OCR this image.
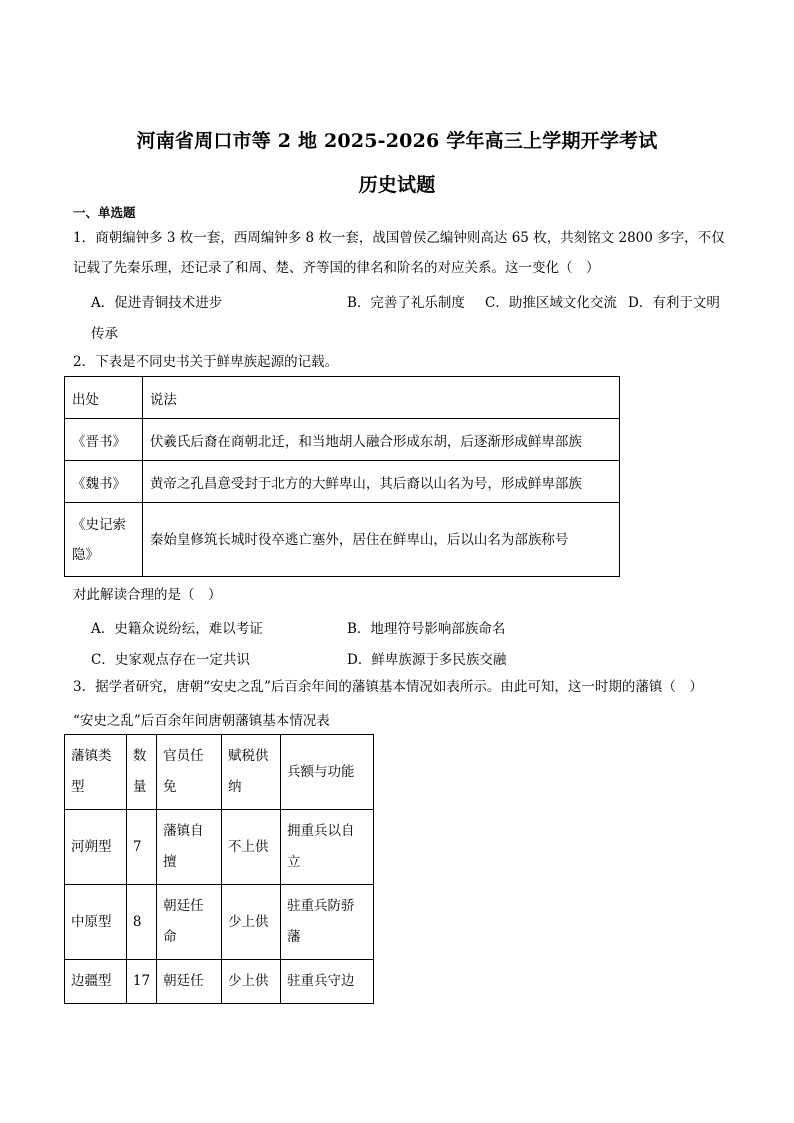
河南省周口市等 2 地 2025-2026 学年高三上学期开学考试
历史试题
一、单选题
1．商朝编钟多 3 枚一套，西周编钟多 8 枚一套，战国曾侯乙编钟则高达 65 枚，共刻铭文 2800 多字，不仅
记载了先秦乐理，还记录了和周、楚、齐等国的律名和阶名的对应关系。这一变化（　）
A．促进青铜技术进步	B．完善了礼乐制度 C．助推区域文化交流 D．有利于文明
传承
2．下表是不同史书关于鲜卑族起源的记载。
出处	说法
《晋书》	伏羲氏后裔在商朝北迁，和当地胡人融合形成东胡，后逐渐形成鲜卑部族
《魏书》	黄帝之孔昌意受封于北方的大鲜卑山，其后裔以山名为号，形成鲜卑部族
《史记索隐》	秦始皇修筑长城时役卒逃亡塞外，居住在鲜卑山，后以山名为部族称号
对此解读合理的是（　）
A．史籍众说纷纭，难以考证	B．地理符号影响部族命名
C．史家观点存在一定共识	D．鲜卑族源于多民族交融
3．据学者研究，唐朝“安史之乱”后百余年间的藩镇基本情况如表所示。由此可知，这一时期的藩镇（　）
“安史之乱”后百余年间唐朝藩镇基本情况表
藩镇类型	数量	官员任免	赋税供纳	兵额与功能
河朔型	7	藩镇自擅	不上供	拥重兵以自立
中原型	8	朝廷任命	少上供	驻重兵防骄藩
边疆型	17	朝廷任	少上供	驻重兵守边
